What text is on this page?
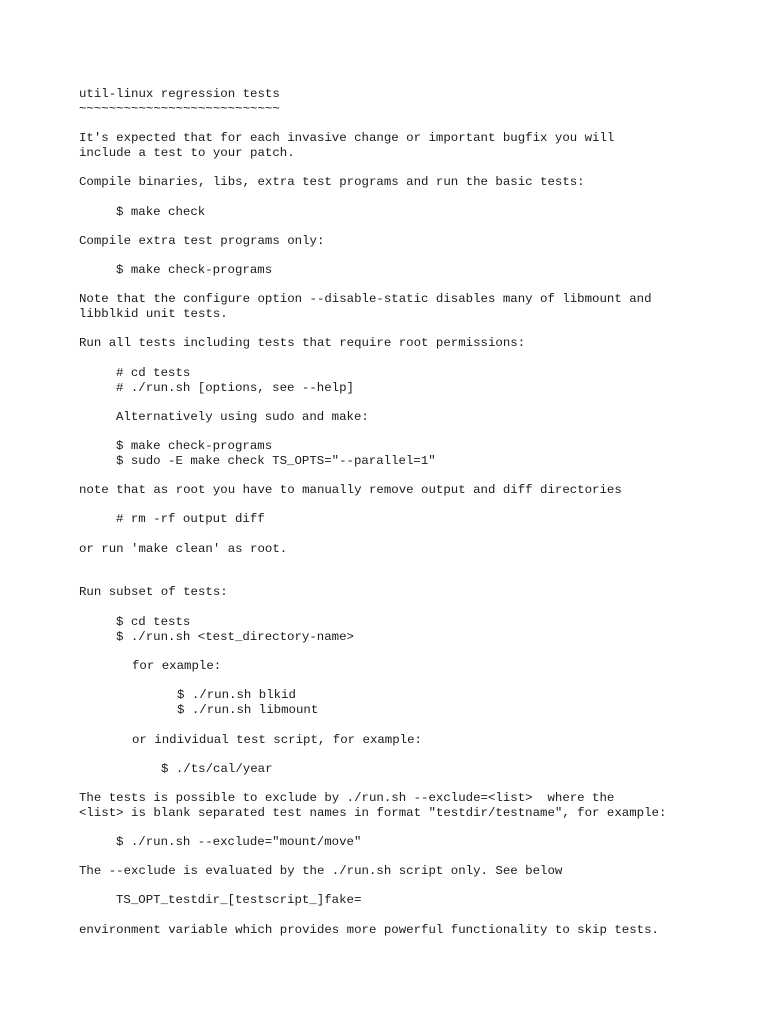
util-linux regression tests
~~~~~~~~~~~~~~~~~~~~~~~~~~~
It's expected that for each invasive change or important bugfix you will
include a test to your patch.
Compile binaries, libs, extra test programs and run the basic tests:
$ make check
Compile extra test programs only:
$ make check-programs
Note that the configure option --disable-static disables many of libmount and
libblkid unit tests.
Run all tests including tests that require root permissions:
# cd tests
# ./run.sh [options, see --help]
Alternatively using sudo and make:
$ make check-programs
$ sudo -E make check TS_OPTS="--parallel=1"
note that as root you have to manually remove output and diff directories
# rm -rf output diff
or run 'make clean' as root.
Run subset of tests:
$ cd tests
$ ./run.sh <test_directory-name>
for example:
$ ./run.sh blkid
$ ./run.sh libmount
or individual test script, for example:
$ ./ts/cal/year
The tests is possible to exclude by ./run.sh --exclude=<list>  where the
<list> is blank separated test names in format "testdir/testname", for example:
$ ./run.sh --exclude="mount/move"
The --exclude is evaluated by the ./run.sh script only. See below
TS_OPT_testdir_[testscript_]fake=
environment variable which provides more powerful functionality to skip tests.
